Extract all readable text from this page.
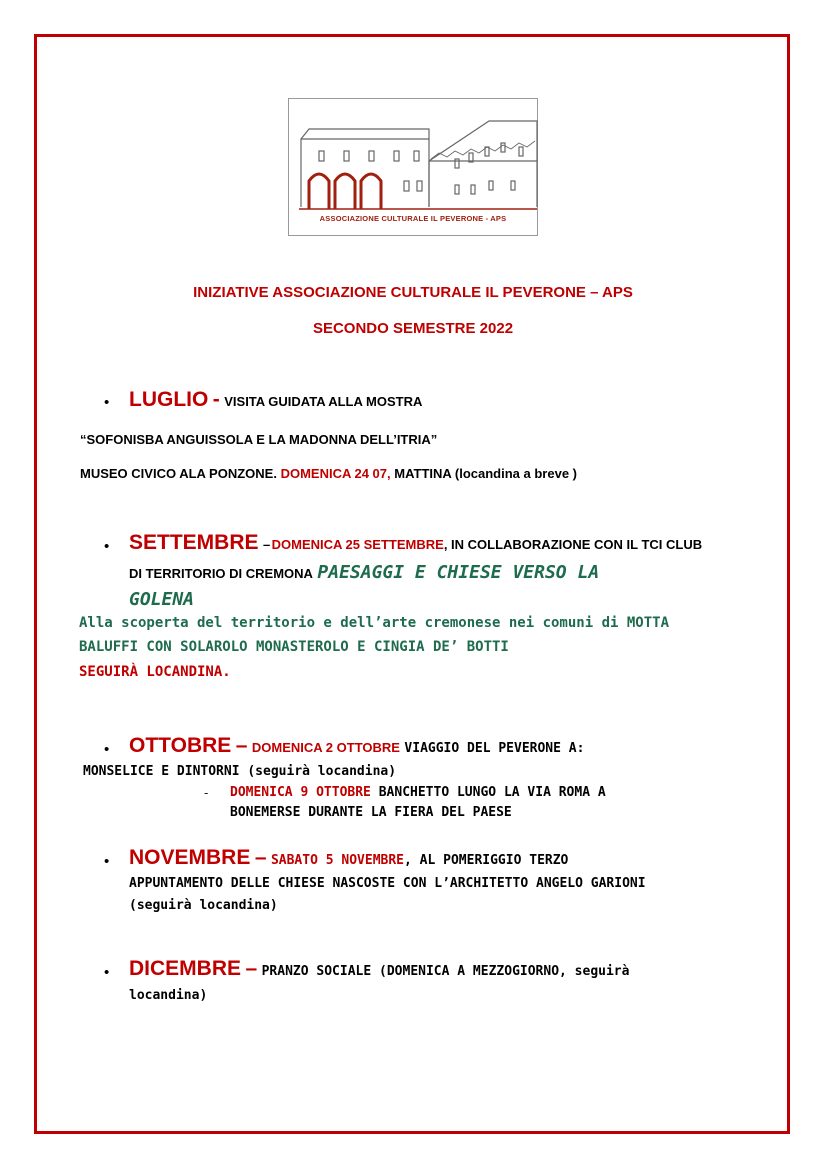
ASSOCIAZIONE CULTURALE IL PEVERONE - APS
INIZIATIVE ASSOCIAZIONE CULTURALE IL PEVERONE – APS
SECONDO SEMESTRE 2022
• LUGLIO - VISITA GUIDATA ALLA MOSTRA
“SOFONISBA ANGUISSOLA E LA MADONNA DELL’ITRIA”
MUSEO CIVICO ALA PONZONE. DOMENICA 24 07, MATTINA (locandina a breve )
• SETTEMBRE – DOMENICA 25 SETTEMBRE, IN COLLABORAZIONE CON IL TCI CLUB
DI TERRITORIO DI CREMONA PAESAGGI E CHIESE VERSO LA
GOLENA
Alla scoperta del territorio e dell’arte cremonese nei comuni di MOTTA
BALUFFI CON SOLAROLO MONASTEROLO E CINGIA DE’ BOTTI
SEGUIRÀ LOCANDINA.
• OTTOBRE – DOMENICA 2 OTTOBRE VIAGGIO DEL PEVERONE A:
MONSELICE E DINTORNI (seguirà locandina)
- DOMENICA 9 OTTOBRE BANCHETTO LUNGO LA VIA ROMA A
BONEMERSE DURANTE LA FIERA DEL PAESE
• NOVEMBRE – SABATO 5 NOVEMBRE, AL POMERIGGIO TERZO
APPUNTAMENTO DELLE CHIESE NASCOSTE CON L’ARCHITETTO ANGELO GARIONI
(seguirà locandina)
• DICEMBRE – PRANZO SOCIALE (DOMENICA A MEZZOGIORNO, seguirà
locandina)
